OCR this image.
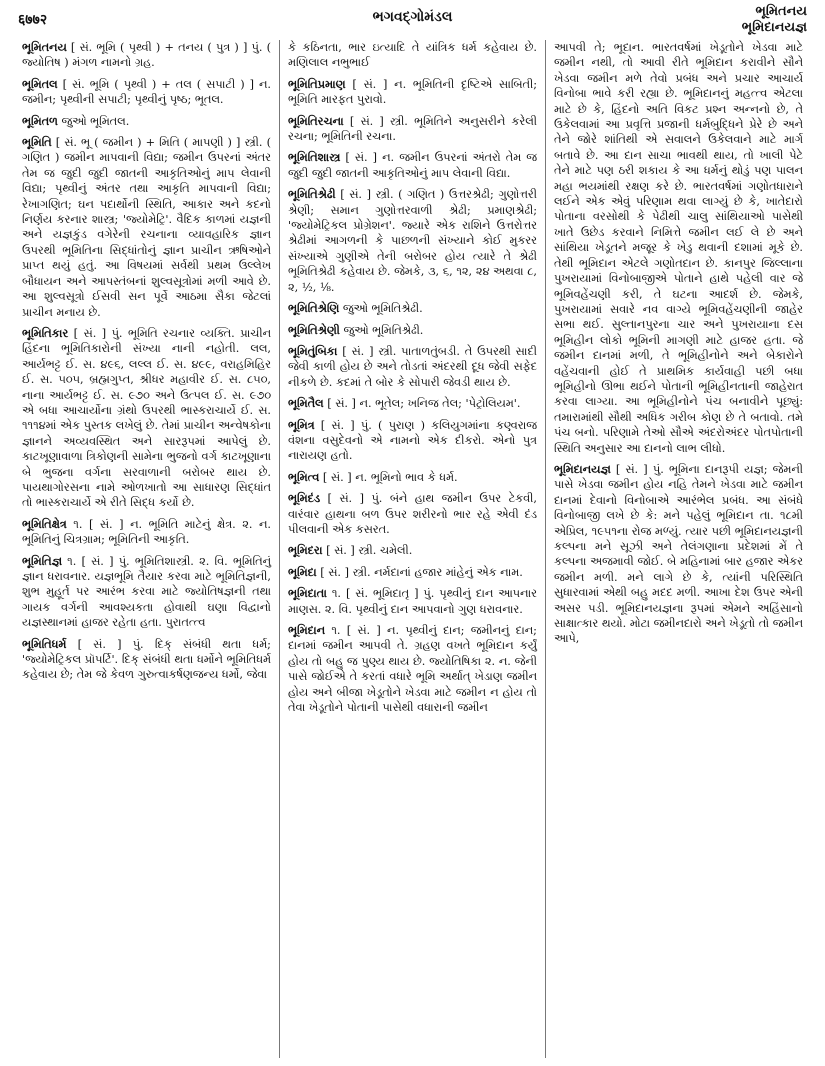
६७७२	ભગવદ્ગોમંડલ	ભૂમિતનય
ભૂમિદાનયજ્ઞ

ભૂમિતનય [ સં. ભૂમિ ( પૃથ્વી ) + તનય ( પુત્ર ) ] પું. ( જ્યોતિષ ) મંગળ નામનો ગ્રહ.

ભૂમિતલ [ સં. ભૂમિ ( પૃથ્વી ) + તલ ( સપાટી ) ] ન. જમીન; પૃથ્વીની સપાટી; પૃથ્વીનું પૃષ્ઠ; ભૂતલ.

ભૂમિતળ જુઓ ભૂમિતલ.

ભૂમિતિ [ સં. ભૂ ( જમીન ) + મિતિ ( માપણી ) ] સ્ત્રી. ( ગણિત ) જમીન માપવાની વિદ્યા; જમીન ઉપરનાં અંતર તેમ જ જુદી જુદી જાતની આકૃતિઓનું માપ લેવાની વિદ્યા; પૃથ્વીનું અંતર તથા આકૃતિ માપવાની વિદ્યા; રેખાગણિત; ઘન પદાર્થોની સ્થિતિ, આકાર અને કદનો નિર્ણય કરનાર શાસ્ત્ર; 'જ્યોમેટ્રિ'. વૈદિક કાળમાં યજ્ઞની અને યજ્ઞકુંડ વગેરેની રચનાના વ્યાવહારિક જ્ઞાન ઉપરથી ભૂમિતિના સિદ્ધાંતોનું જ્ઞાન પ્રાચીન ઋષિઓને પ્રાપ્ત થયું હતું. આ વિષયમાં સર્વથી પ્રથમ ઉલ્લેખ બૌધાયન અને આપસ્તંબનાં શુલ્વસૂત્રોમાં મળી આવે છે. આ શુલ્વસૂત્રો ઈસવી સન પૂર્વે આઠમા સૈકા જેટલાં પ્રાચીન મનાય છે.

ભૂમિતિકાર [ સં. ] પું. ભૂમિતિ રચનાર વ્યક્તિ. પ્રાચીન હિંદના ભૂમિતિકારોની સંખ્યા નાની નહોતી. લલ, આર્યભટ્ટ ઈ. સ. ૪૯૬, લલ્લ ઈ. સ. ૪૯૯, વરાહમિહિર ઈ. સ. ૫૦૫, બ્રહ્મગુપ્ત, શ્રીધર મહાવીર ઈ. સ. ૮૫૦, નાના આર્યભટ્ટ ઈ. સ. ૯૭૦ અને ઉત્પલ ઈ. સ. ૯૭૦ એ બધા આચાર્યોના ગ્રંથો ઉપરથી ભાસ્કરાચાર્યે ઈ. સ. ૧૧૧૪માં એક પુસ્તક લખેલું છે. તેમાં પ્રાચીન અન્વેષકોના જ્ઞાનને અવ્યવસ્થિત અને સારરૂપમાં આપેલું છે. કાટખૂણાવાળા ત્રિકોણની સામેના ભુજનો વર્ગ કાટખૂણાના બે ભુજના વર્ગના સરવાળાની બરોબર થાય છે. પાયથાગોરસના નામે ઓળખાતો આ સાધારણ સિદ્ધાંત તો ભાસ્કરાચાર્યે એ રીતે સિદ્ધ કર્યો છે.

ભૂમિતિક્ષેત્ર ૧. [ સં. ] ન. ભૂમિતિ માટેનું ક્ષેત્ર. ૨. ન. ભૂમિતિનું ચિત્રગ્રામ; ભૂમિતિની આકૃતિ.

ભૂમિતિજ્ઞ ૧. [ સં. ] પું. ભૂમિતિશાસ્ત્રી. ૨. વિ. ભૂમિતિનું જ્ઞાન ધરાવનાર. યજ્ઞભૂમિ તૈયાર કરવા માટે ભૂમિતિજ્ઞની, શુભ મુહૂર્ત પર આરંભ કરવા માટે જ્યોતિષજ્ઞની તથા ગાયક વર્ગની આવશ્યકતા હોવાથી ઘણા વિદ્વાનો યજ્ઞસ્થાનમાં હાજર રહેતા હતા. પુરાતત્ત્વ

ભૂમિતિધર્મ [ સં. ] પું. દિક્ સંબંધી થતા ધર્મ; 'જ્યોમેટ્રિકલ પ્રૉપર્ટિ'. દિક્ સંબંધી થતા ધર્મોને ભૂમિતિધર્મ કહેવાય છે; તેમ જે કેવળ ગુરુત્વાકર્ષણજન્ય ધર્મો, જેવા

કે કઠિનતા, ભાર ઇત્યાદિ તે યાંત્રિક ધર્મ કહેવાય છે. મણિલાલ નભુભાઈ

ભૂમિતિપ્રમાણ [ સં. ] ન. ભૂમિતિની દૃષ્ટિએ સાબિતી; ભૂમિતિ મારફત પુરાવો.

ભૂમિતિરચના [ સં. ] સ્ત્રી. ભૂમિતિને અનુસરીને કરેલી રચના; ભૂમિતિની રચના.

ભૂમિતિશાસ્ત્ર [ સં. ] ન. જમીન ઉપરનાં અંતરો તેમ જ જુદી જુદી જાતની આકૃતિઓનું માપ લેવાની વિદ્યા.

ભૂમિતિશ્રેઢી [ સં. ] સ્ત્રી. ( ગણિત ) ઉત્તરશ્રેઢી; ગુણોત્તરી શ્રેણી; સમાન ગુણોત્તરવાળી શ્રેઢી; પ્રમાણશ્રેઢી; 'જ્યોમેટ્રિકલ પ્રોગ્રેશન'. જ્યારે એક રાશિને ઉત્તરોત્તર શ્રેઢીમાં આગળની કે પાછળની સંખ્યાને કોઈ મુકરર સંખ્યાએ ગુણીએ તેની બરોબર હોય ત્યારે તે શ્રેઢી ભૂમિતિશ્રેઢી કહેવાય છે. જેમકે, ૩, ૬, ૧૨, ૨૪ અથવા ૮, ૨, ½, ⅛.

ભૂમિતિશ્રેણિ જુઓ ભૂમિતિશ્રેઢી.

ભૂમિતિશ્રેણી જુઓ ભૂમિતિશ્રેઢી.

ભૂમિતુંબિકા [ સં. ] સ્ત્રી. પાતાળતુંબડી. તે ઉપરથી સાદી જેવી કાળી હોય છે અને તોડતાં અંદરથી દૂધ જેવી સફેદ નીકળે છે. કદમાં તે બોર કે સોપારી જેવડી થાય છે.

ભૂમિતૈલ [ સં. ] ન. ભૂતેલ; ખનિજ તેલ; 'પેટ્રોલિયમ'.

ભૂમિત્ર [ સં. ] પું. ( પુરાણ ) કલિયુગમાંના કણ્વરાજ વંશના વસુદેવનો એ નામનો એક દીકરો. એનો પુત્ર નારાયણ હતો.

ભૂમિત્વ [ સં. ] ન. ભૂમિનો ભાવ કે ધર્મ.

ભૂમિદંડ [ સં. ] પું. બંને હાથ જમીન ઉપર ટેકવી, વારંવાર હાથના બળ ઉપર શરીરનો ભાર રહે એવી દંડ પીલવાની એક કસરત.

ભૂમિદરા [ સં. ] સ્ત્રી. ચમેલી.

ભૂમિદા [ સં. ] સ્ત્રી. નર્મદાનાં હજાર માંહેનું એક નામ.

ભૂમિદાતા ૧. [ સં. ભૂમિદાતૃ ] પું. પૃથ્વીનું દાન આપનાર માણસ. ૨. વિ. પૃથ્વીનું દાન આપવાનો ગુણ ધરાવનાર.

ભૂમિદાન ૧. [ સં. ] ન. પૃથ્વીનું દાન; જમીનનું દાન; દાનમાં જમીન આપવી તે. ગ્રહણ વખતે ભૂમિદાન કર્યું હોય તો બહુ જ પુણ્ય થાય છે. જ્યોતિષિકા ૨. ન. જેની પાસે જોઈએ તે કરતાં વધારે ભૂમિ અર્થાત્ ખેડાણ જમીન હોય અને બીજા ખેડૂતોને ખેડવા માટે જમીન ન હોય તો તેવા ખેડૂતોને પોતાની પાસેથી વધારાની જમીન

આપવી તે; ભૂદાન. ભારતવર્ષમાં ખેડૂતોને ખેડવા માટે જમીન નથી, તો આવી રીતે ભૂમિદાન કરાવીને સૌને ખેડવા જમીન મળે તેવો પ્રબંધ અને પ્રચાર આચાર્ય વિનોબા ભાવે કરી રહ્યા છે. ભૂમિદાનનું મહત્ત્વ એટલા માટે છે કે, હિંદનો અતિ વિકટ પ્રશ્ન અન્નનો છે, તે ઉકેલવામાં આ પ્રવૃત્તિ પ્રજાની ધર્મબુદ્ધિને પ્રેરે છે અને તેને જોરે શાંતિથી એ સવાલને ઉકેલવાને માટે માર્ગ બતાવે છે. આ દાન સાચા ભાવથી થાય, તો ખાલી પેટે તેને માટે પણ ઠરી શકાય કે આ ધર્મનું થોડું પણ પાલન મહા ભયમાંથી રક્ષણ કરે છે. ભારતવર્ષમાં ગણોતધારાને લઈને એક એવું પરિણામ થવા લાગ્યું છે કે, ખાતેદારો પોતાના વરસોથી કે પેઢીથી ચાલુ સાંથિયાઓ પાસેથી ખાતે ઉછેડ કરવાને નિમિત્તે જમીન લઈ લે છે અને સાંથિયા ખેડૂતને મજૂર કે ખેડુ થવાની દશામાં મૂકે છે. તેથી ભૂમિદાન એટલે ગણોતદાન છે. કાનપુર જિલ્લાના પુખરાયામાં વિનોબાજીએ પોતાને હાથે પહેલી વાર જે ભૂમિવહેંચણી કરી, તે ઘટના આદર્શ છે. જેમકે, પુખરાયામાં સવારે નવ વાગ્યે ભૂમિવહેંચણીની જાહેર સભા થઈ. સુલ્તાનપુરના ચાર અને પુખરાયાના દસ ભૂમિહીન લોકો ભૂમિની માગણી માટે હાજર હતા. જે જમીન દાનમાં મળી, તે ભૂમિહીનોને અને બેકારોને વહેંચવાની હોઈ તે પ્રાથમિક કાર્યવાહી પછી બધા ભૂમિહીનો ઊભા થઈને પોતાની ભૂમિહીનતાની જાહેરાત કરવા લાગ્યા. આ ભૂમિહીનોને પંચ બનાવીને પૂછ્યું: તમારામાંથી સૌથી અધિક ગરીબ કોણ છે તે બતાવો. તમે પંચ બનો. પરિણામે તેઓ સૌએ અંદરોઅંદર પોતપોતાની સ્થિતિ અનુસાર આ દાનનો લાભ લીધો.

ભૂમિદાનયજ્ઞ [ સં. ] પું. ભૂમિના દાનરૂપી યજ્ઞ; જેમની પાસે ખેડવા જમીન હોય નહિ તેમને ખેડવા માટે જમીન દાનમાં દેવાનો વિનોબાએ આરંભેલ પ્રબંધ. આ સંબંધે વિનોબાજી લખે છે કે: મને પહેલું ભૂમિદાન તા. ૧૮મી એપ્રિલ, ૧૯૫૧ના રોજ મળ્યું. ત્યાર પછી ભૂમિદાનયજ્ઞની કલ્પના મને સૂઝી અને તેલંગણાના પ્રદેશમાં મેં તે કલ્પના અજમાવી જોઈ. બે મહિનામાં બાર હજાર એકર જમીન મળી. મને લાગે છે કે, ત્યાંની પરિસ્થિતિ સુધારવામાં એથી બહુ મદદ મળી. આખા દેશ ઉપર એની અસર પડી. ભૂમિદાનયજ્ઞના રૂપમાં એમને અહિંસાનો સાક્ષાત્કાર થયો. મોટા જમીનદારો અને ખેડૂતો તો જમીન આપે,
